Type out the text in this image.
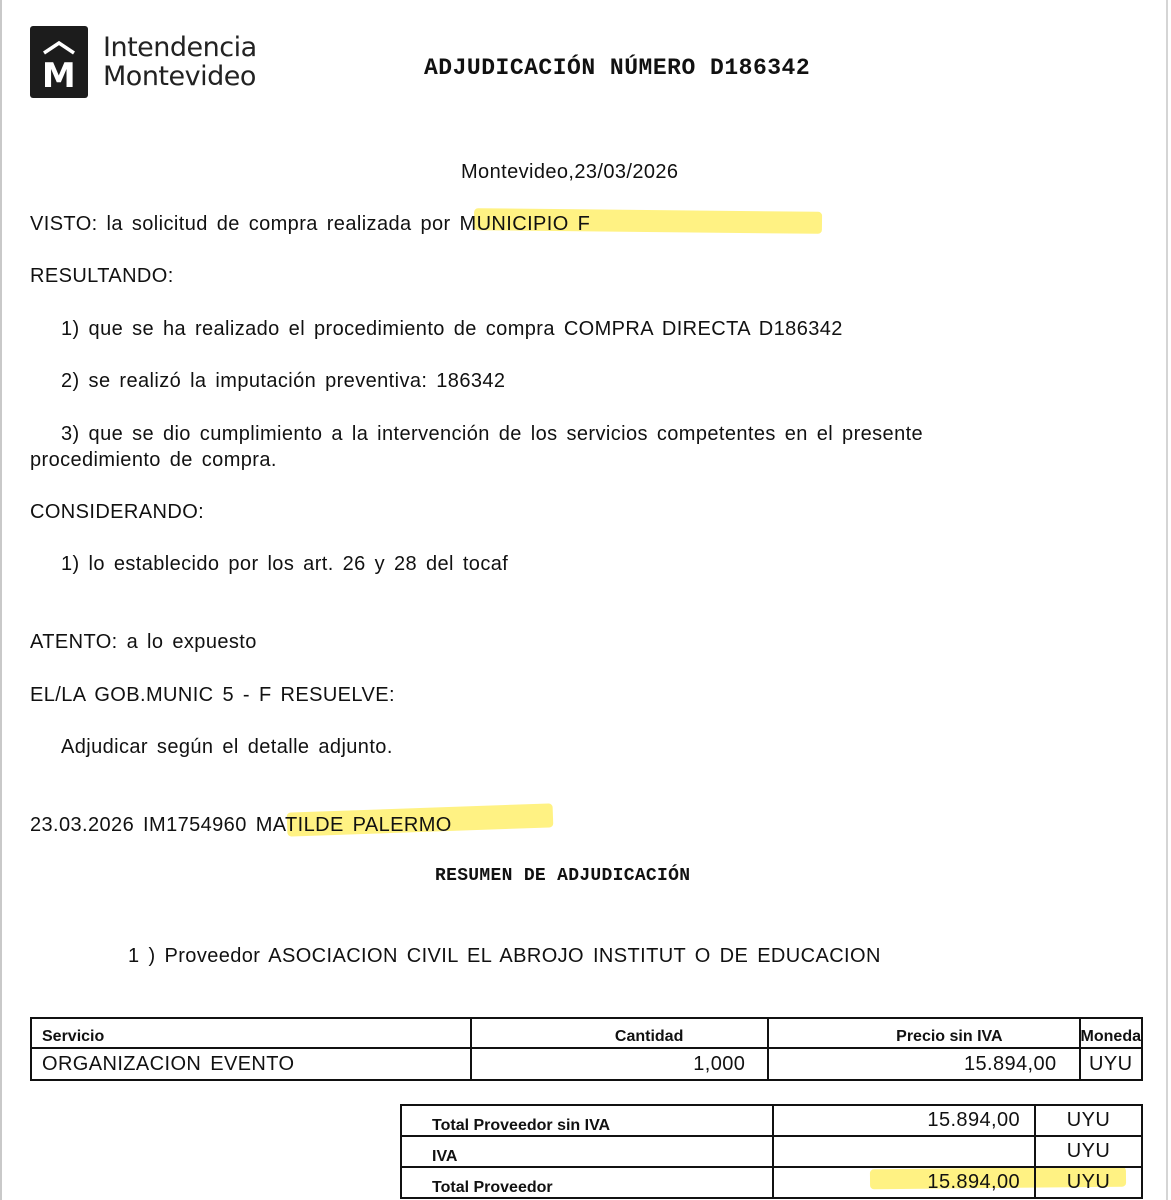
M
Intendencia
Montevideo	ADJUDICACIÓN NÚMERO D186342
Montevideo,23/03/2026
VISTO: la solicitud de compra realizada por MUNICIPIO F
RESULTANDO:
1) que se ha realizado el procedimiento de compra COMPRA DIRECTA D186342
2) se realizó la imputación preventiva: 186342
3) que se dio cumplimiento a la intervención de los servicios competentes en el presente
procedimiento de compra.
CONSIDERANDO:
1) lo establecido por los art. 26 y 28 del tocaf
ATENTO: a lo expuesto
EL/LA GOB.MUNIC 5 - F RESUELVE:
Adjudicar según el detalle adjunto.
23.03.2026 IM1754960 MATILDE PALERMO
RESUMEN DE ADJUDICACIÓN
1 ) Proveedor ASOCIACION CIVIL EL ABROJO INSTITUT O DE EDUCACION
Servicio	Cantidad	Precio sin IVA	Moneda
ORGANIZACION EVENTO	1,000	15.894,00	UYU
Total Proveedor sin IVA	15.894,00	UYU
IVA		UYU
Total Proveedor	15.894,00	UYU
